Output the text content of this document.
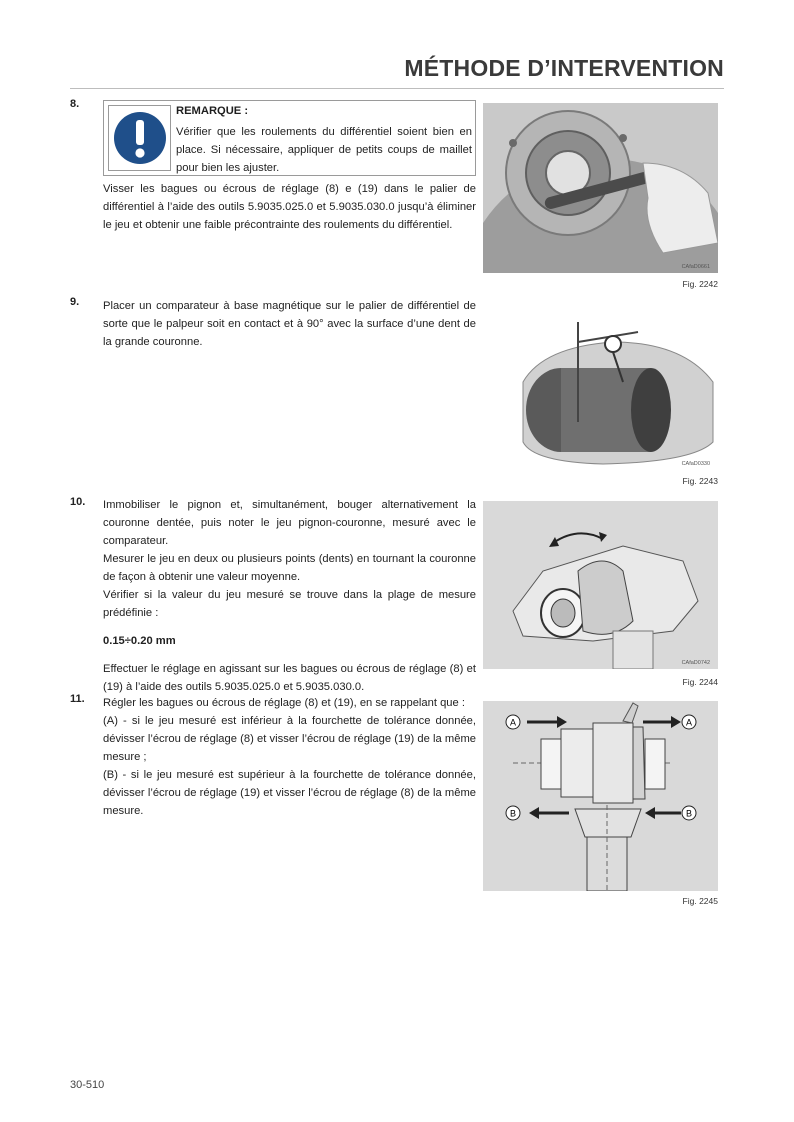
MÉTHODE D’INTERVENTION
8.
REMARQUE :
Vérifier que les roulements du différentiel soient bien en place. Si nécessaire, appliquer de petits coups de maillet pour bien les ajuster.

Visser les bagues ou écrous de réglage (8) e (19) dans le palier de différentiel à l’aide des outils 5.9035.025.0 et 5.9035.030.0 jusqu’à éliminer le jeu et obtenir une faible précontrainte des roulements du différentiel.

CAfaD0661
Fig. 2242
9. Placer un comparateur à base magnétique sur le palier de différentiel de sorte que le palpeur soit en contact et à 90° avec la surface d’une dent de la grande couronne.

CAfaD0330
Fig. 2243
10. Immobiliser le pignon et, simultanément, bouger alternativement la couronne dentée, puis noter le jeu pignon-couronne, mesuré avec le comparateur.

Mesurer le jeu en deux ou plusieurs points (dents) en tournant la couronne de façon à obtenir une valeur moyenne.

Vérifier si la valeur du jeu mesuré se trouve dans la plage de mesure prédéfinie :

0.15÷0.20 mm

Effectuer le réglage en agissant sur les bagues ou écrous de réglage (8) et (19) à l’aide des outils 5.9035.025.0 et 5.9035.030.0.

CAfaD0742
Fig. 2244
11. Régler les bagues ou écrous de réglage (8) et (19), en se rappelant que :

(A) - si le jeu mesuré est inférieur à la fourchette de tolérance donnée, dévisser l’écrou de réglage (8) et visser l’écrou de réglage (19) de la même mesure ;

(B) - si le jeu mesuré est supérieur à la fourchette de tolérance donnée, dévisser l’écrou de réglage (19) et visser l’écrou de réglage (8) de la même mesure.

A	A
B	B
Fig. 2245
30-510
